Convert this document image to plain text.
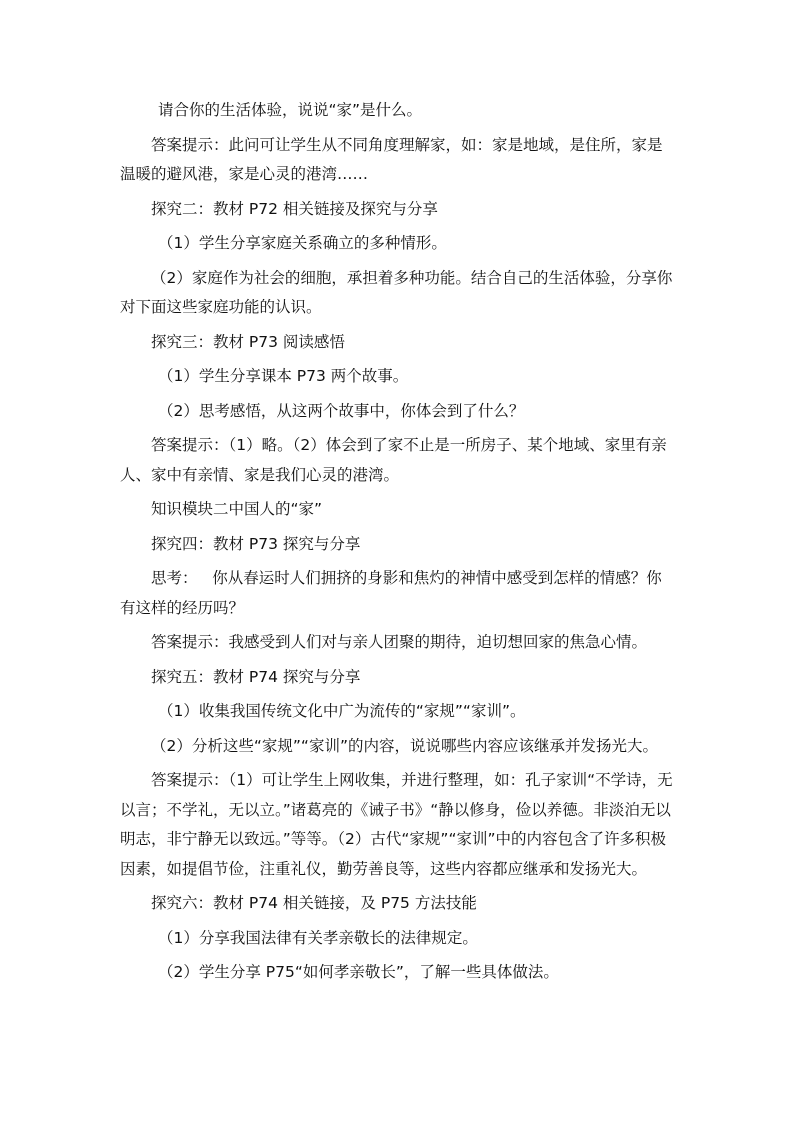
请合你的生活体验，说说“家”是什么。

答案提示：此问可让学生从不同角度理解家，如：家是地域，是住所，家是温暖的避风港，家是心灵的港湾……

探究二：教材 P72 相关链接及探究与分享

（1）学生分享家庭关系确立的多种情形。

（2）家庭作为社会的细胞，承担着多种功能。结合自己的生活体验，分享你对下面这些家庭功能的认识。

探究三：教材 P73 阅读感悟

（1）学生分享课本 P73 两个故事。

（2）思考感悟，从这两个故事中，你体会到了什么？

答案提示：（1）略。（2）体会到了家不止是一所房子、某个地域、家里有亲人、家中有亲情、家是我们心灵的港湾。

知识模块二中国人的“家”

探究四：教材 P73 探究与分享

思考：   你从春运时人们拥挤的身影和焦灼的神情中感受到怎样的情感？你有这样的经历吗？

答案提示：我感受到人们对与亲人团聚的期待，迫切想回家的焦急心情。

探究五：教材 P74 探究与分享

（1）收集我国传统文化中广为流传的“家规”“家训”。

（2）分析这些“家规”“家训”的内容，说说哪些内容应该继承并发扬光大。

答案提示：（1）可让学生上网收集，并进行整理，如：孔子家训“不学诗，无以言；不学礼，无以立。”诸葛亮的《诫子书》“静以修身，俭以养德。非淡泊无以明志，非宁静无以致远。”等等。（2）古代“家规”“家训”中的内容包含了许多积极因素，如提倡节俭，注重礼仪，勤劳善良等，这些内容都应继承和发扬光大。

探究六：教材 P74 相关链接，及 P75 方法技能

（1）分享我国法律有关孝亲敬长的法律规定。

（2）学生分享 P75“如何孝亲敬长”，了解一些具体做法。
